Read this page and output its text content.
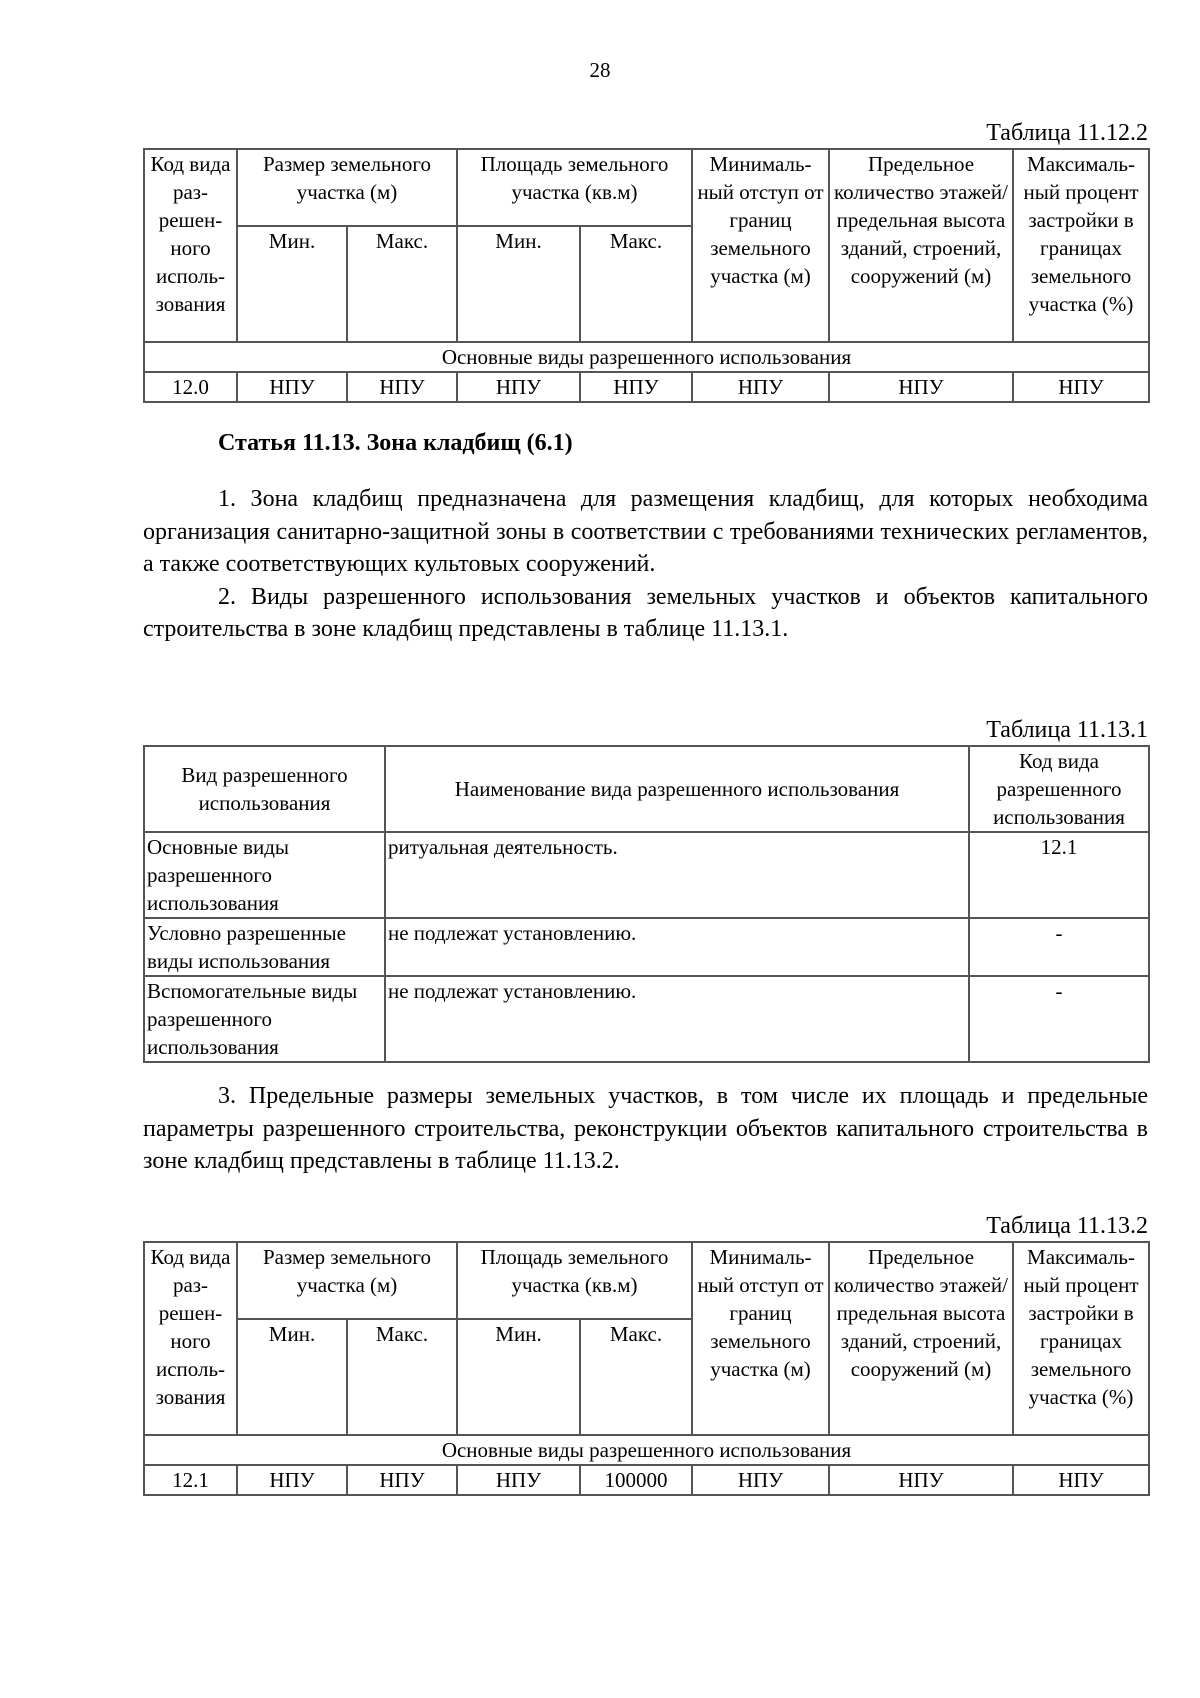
28
Таблица 11.12.2
Код вида раз-решен-ного исполь-зования	Размер земельного участка (м)		Площадь земельного участка (кв.м)		Минималь-ный отступ от границ земельного участка (м)	Предельное количество этажей/ предельная высота зданий, строений, сооружений (м)	Максималь-ный процент застройки в границах земельного участка (%)
	Мин.	Макс.	Мин.	Макс.			
Основные виды разрешенного использования							
12.0	НПУ	НПУ	НПУ	НПУ	НПУ	НПУ	НПУ
Статья 11.13. Зона кладбищ (6.1)

1. Зона кладбищ предназначена для размещения кладбищ, для которых необходима организация санитарно-защитной зоны в соответствии с требованиями технических регламентов, а также соответствующих культовых сооружений.

2. Виды разрешенного использования земельных участков и объектов капитального строительства в зоне кладбищ представлены в таблице 11.13.1.

Таблица 11.13.1
Вид разрешенного использования	Наименование вида разрешенного использования	Код вида разрешенного использования
Основные виды разрешенного использования	ритуальная деятельность.	12.1
Условно разрешенные виды использования	не подлежат установлению.	-
Вспомогательные виды разрешенного использования	не подлежат установлению.	-

3. Предельные размеры земельных участков, в том числе их площадь и предельные параметры разрешенного строительства, реконструкции объектов капитального строительства в зоне кладбищ представлены в таблице 11.13.2.

Таблица 11.13.2
Код вида раз-решен-ного исполь-зования	Размер земельного участка (м)		Площадь земельного участка (кв.м)		Минималь-ный отступ от границ земельного участка (м)	Предельное количество этажей/ предельная высота зданий, строений, сооружений (м)	Максималь-ный процент застройки в границах земельного участка (%)
	Мин.	Макс.	Мин.	Макс.			
Основные виды разрешенного использования							
12.1	НПУ	НПУ	НПУ	100000	НПУ	НПУ	НПУ
